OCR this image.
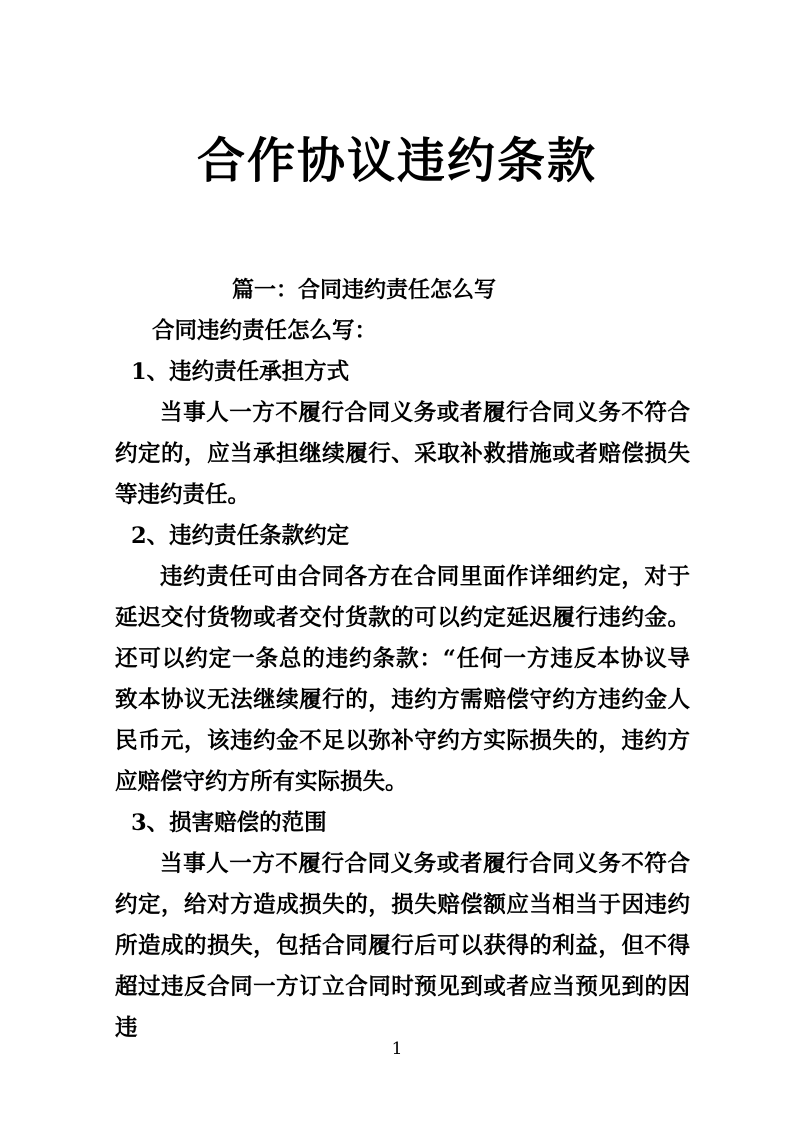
合作协议违约条款
篇一：合同违约责任怎么写
合同违约责任怎么写：
1、违约责任承担方式

当事人一方不履行合同义务或者履行合同义务不符合约定的，应当承担继续履行、采取补救措施或者赔偿损失等违约责任。

2、违约责任条款约定

违约责任可由合同各方在合同里面作详细约定，对于延迟交付货物或者交付货款的可以约定延迟履行违约金。还可以约定一条总的违约条款：“任何一方违反本协议导致本协议无法继续履行的，违约方需赔偿守约方违约金人民币元，该违约金不足以弥补守约方实际损失的，违约方应赔偿守约方所有实际损失。

3、损害赔偿的范围

当事人一方不履行合同义务或者履行合同义务不符合约定，给对方造成损失的，损失赔偿额应当相当于因违约所造成的损失，包括合同履行后可以获得的利益，但不得超过违反合同一方订立合同时预见到或者应当预见到的因违

1
